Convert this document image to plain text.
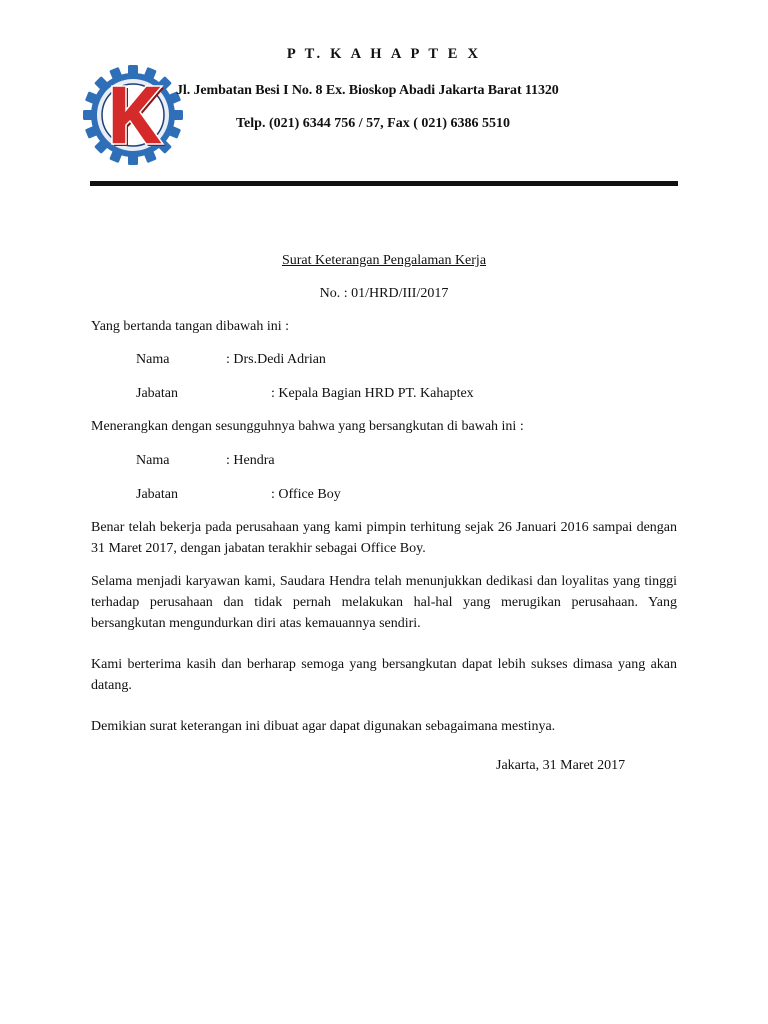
K
P T. K A H A P T E X
Jl. Jembatan Besi I No. 8 Ex. Bioskop Abadi Jakarta Barat 11320
Telp. (021) 6344 756 / 57, Fax ( 021) 6386 5510
Surat Keterangan Pengalaman Kerja
No. : 01/HRD/III/2017
Yang bertanda tangan dibawah ini :
Nama	: Drs.Dedi Adrian
Jabatan	: Kepala Bagian HRD PT. Kahaptex
Menerangkan dengan sesungguhnya bahwa yang bersangkutan di bawah ini :
Nama	: Hendra
Jabatan	: Office Boy
Benar telah bekerja pada perusahaan yang kami pimpin terhitung sejak 26 Januari 2016 sampai dengan 31 Maret 2017, dengan jabatan terakhir sebagai Office Boy.
Selama menjadi karyawan kami, Saudara Hendra telah menunjukkan dedikasi dan loyalitas yang tinggi terhadap perusahaan dan tidak pernah melakukan hal-hal yang merugikan perusahaan. Yang bersangkutan mengundurkan diri atas kemauannya sendiri.
Kami berterima kasih dan berharap semoga yang bersangkutan dapat lebih sukses dimasa yang akan datang.
Demikian surat keterangan ini dibuat agar dapat digunakan sebagaimana mestinya.
Jakarta, 31 Maret 2017
